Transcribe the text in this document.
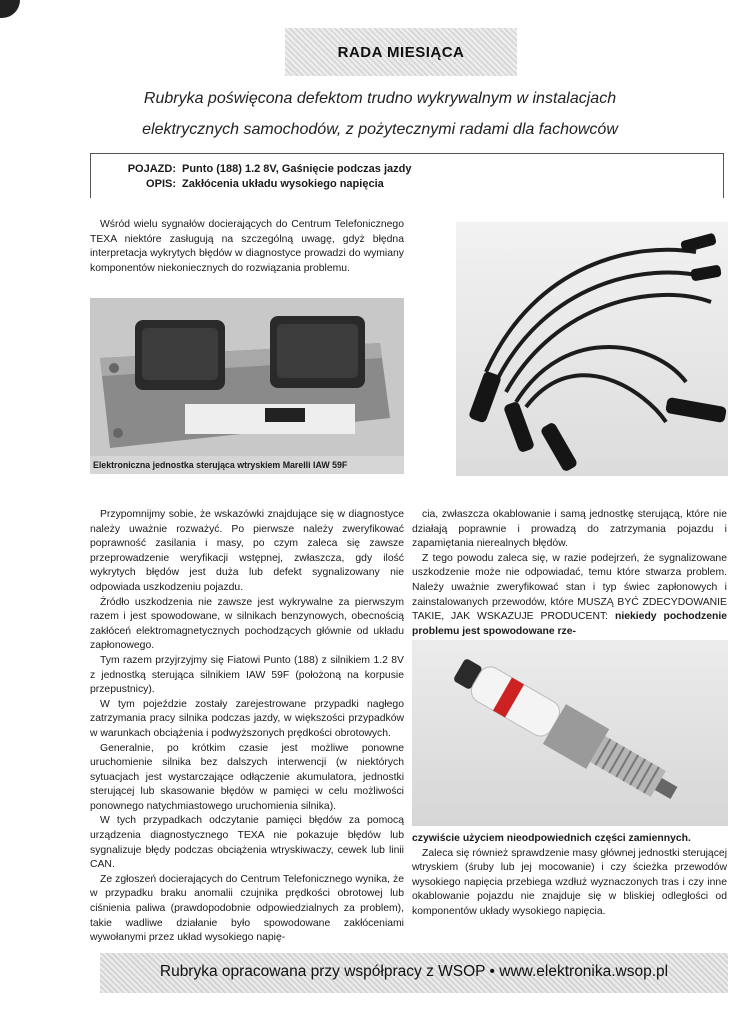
RADA MIESIĄCA
Rubryka poświęcona defektom trudno wykrywalnym w instalacjach
elektrycznych samochodów, z pożytecznymi radami dla fachowców
POJAZD: Punto (188) 1.2 8V, Gaśnięcie podczas jazdy
OPIS: Zakłócenia układu wysokiego napięcia

Wśród wielu sygnałów docierających do Centrum Telefonicznego TEXA niektóre zasługują na szczególną uwagę, gdyż błędna interpretacja wykrytych błędów w diagnostyce prowadzi do wymiany komponentów niekoniecznych do rozwiązania problemu.

Elektroniczna jednostka sterująca wtryskiem Marelli IAW 59F

Przypomnijmy sobie, że wskazówki znajdujące się w diagnostyce należy uważnie rozważyć. Po pierwsze należy zweryfikować poprawność zasilania i masy, po czym zaleca się zawsze przeprowadzenie weryfikacji wstępnej, zwłaszcza, gdy ilość wykrytych błędów jest duża lub defekt sygnalizowany nie odpowiada uszkodzeniu pojazdu.

Źródło uszkodzenia nie zawsze jest wykrywalne za pierwszym razem i jest spowodowane, w silnikach benzynowych, obecnością zakłóceń elektromagnetycznych pochodzących głównie od układu zapłonowego.

Tym razem przyjrzyjmy się Fiatowi Punto (188) z silnikiem 1.2 8V z jednostką sterująca silnikiem IAW 59F (położoną na korpusie przepustnicy).

W tym pojeździe zostały zarejestrowane przypadki nagłego zatrzymania pracy silnika podczas jazdy, w większości przypadków w warunkach obciążenia i podwyższonych prędkości obrotowych.

Generalnie, po krótkim czasie jest możliwe ponowne uruchomienie silnika bez dalszych interwencji (w niektórych sytuacjach jest wystarczające odłączenie akumulatora, jednostki sterującej lub skasowanie błędów w pamięci w celu możliwości ponownego natychmiastowego uruchomienia silnika).

W tych przypadkach odczytanie pamięci błędów za pomocą urządzenia diagnostycznego TEXA nie pokazuje błędów lub sygnalizuje błędy podczas obciążenia wtryskiwaczy, cewek lub linii CAN.

Ze zgłoszeń docierających do Centrum Telefonicznego wynika, że w przypadku braku anomalii czujnika prędkości obrotowej lub ciśnienia paliwa (prawdopodobnie odpowiedzialnych za problem), takie wadliwe działanie było spowodowane zakłóceniami wywołanymi przez układ wysokiego napię-

cia, zwłaszcza okablowanie i samą jednostkę sterującą, które nie działają poprawnie i prowadzą do zatrzymania pojazdu i zapamiętania nierealnych błędów.

Z tego powodu zaleca się, w razie podejrzeń, że sygnalizowane uszkodzenie może nie odpowiadać, temu które stwarza problem. Należy uważnie zweryfikować stan i typ świec zapłonowych i zainstalowanych przewodów, które MUSZĄ BYĆ ZDECYDOWANIE TAKIE, JAK WSKAZUJE PRODUCENT: niekiedy pochodzenie problemu jest spowodowane rze-

czywiście użyciem nieodpowiednich części zamiennych.

Zaleca się również sprawdzenie masy głównej jednostki sterującej wtryskiem (śruby lub jej mocowanie) i czy ścieżka przewodów wysokiego napięcia przebiega wzdłuż wyznaczonych tras i czy inne okablowanie pojazdu nie znajduje się w bliskiej odległości od komponentów układy wysokiego napięcia.

Rubryka opracowana przy współpracy z WSOP • www.elektronika.wsop.pl
